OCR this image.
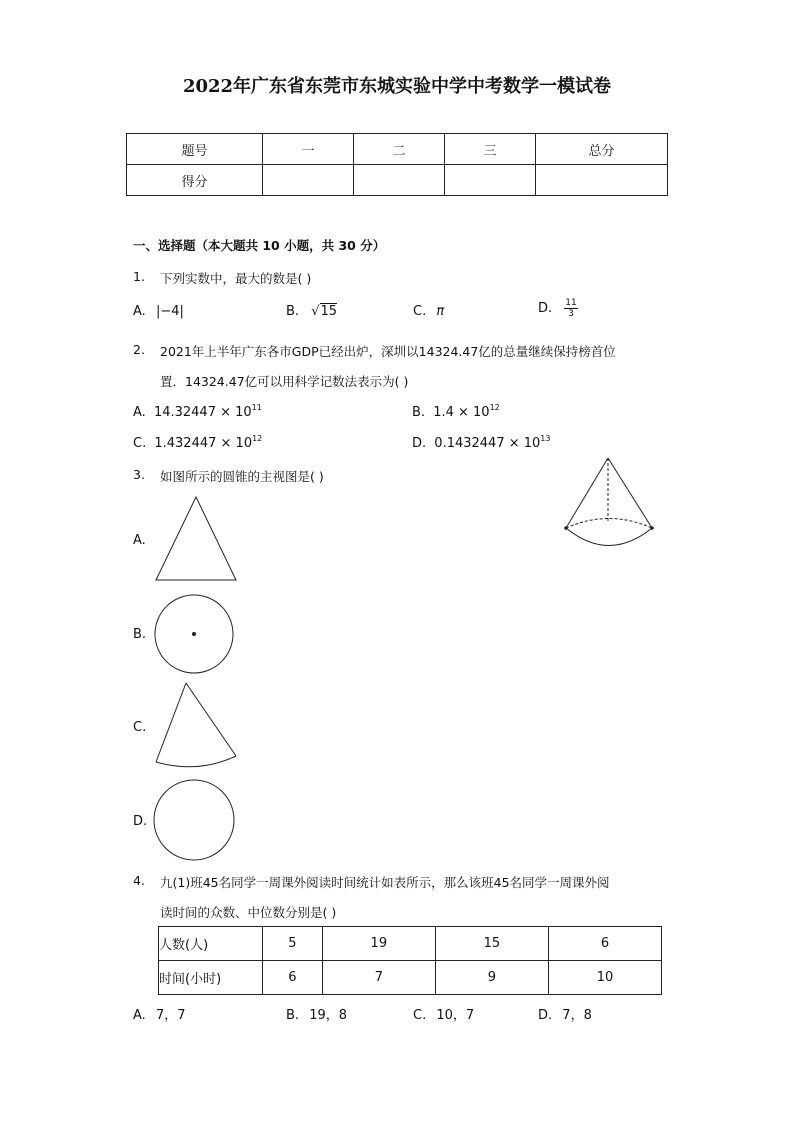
2022年广东省东莞市东城实验中学中考数学一模试卷
题号	一	二	三	总分
得分				
一、选择题（本大题共 10 小题，共 30 分）
1. 下列实数中，最大的数是( )
A. |−4|	B. √15	C. π	D. $\frac{11}{3}$
2. 2021年上半年广东各市GDP已经出炉，深圳以14324.47亿的总量继续保持榜首位
置．14324.47亿可以用科学记数法表示为( )
A. $14.32447 \times 10^{11}$	B. $1.4 \times 10^{12}$
C. $1.432447 \times 10^{12}$	D. $0.1432447 \times 10^{13}$
3. 如图所示的圆锥的主视图是( )
A.
B.
C.
D.
4. 九(1)班45名同学一周课外阅读时间统计如表所示，那么该班45名同学一周课外阅
读时间的众数、中位数分别是( )
人数(人)	5	19	15	6
时间(小时)	6	7	9	10
A. 7，7	B. 19，8	C. 10，7	D. 7，8
